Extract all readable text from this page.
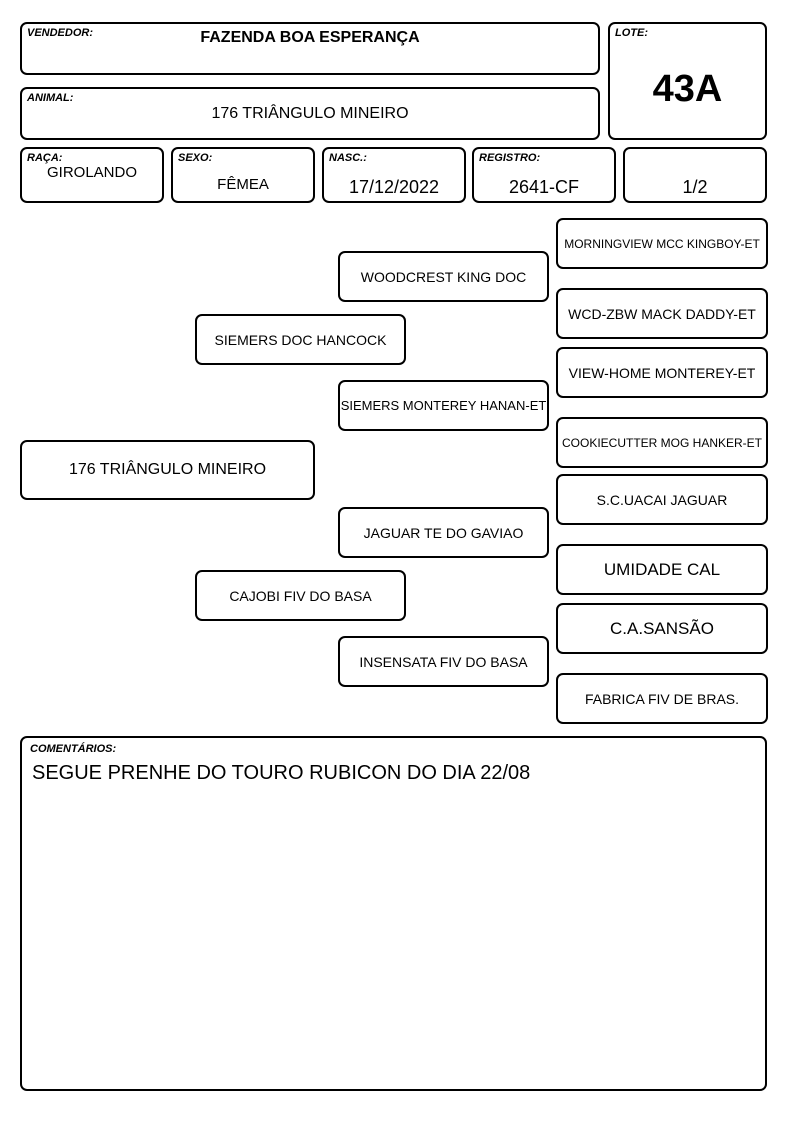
VENDEDOR:	FAZENDA BOA ESPERANÇA	LOTE:
43A
ANIMAL:
176 TRIÂNGULO MINEIRO
RAÇA:
GIROLANDO
SEXO:
FÊMEA
NASC.:
17/12/2022
REGISTRO:
2641-CF	1/2
176 TRIÂNGULO MINEIRO
SIEMERS DOC HANCOCK
CAJOBI FIV DO BASA
WOODCREST KING DOC
SIEMERS MONTEREY HANAN-ET
JAGUAR TE DO GAVIAO
INSENSATA FIV DO BASA
MORNINGVIEW MCC KINGBOY-ET
WCD-ZBW MACK DADDY-ET
VIEW-HOME MONTEREY-ET
COOKIECUTTER MOG HANKER-ET
S.C.UACAI JAGUAR
UMIDADE CAL
C.A.SANSÃO
FABRICA FIV DE BRAS.
COMENTÁRIOS:
SEGUE PRENHE DO TOURO RUBICON DO DIA 22/08
